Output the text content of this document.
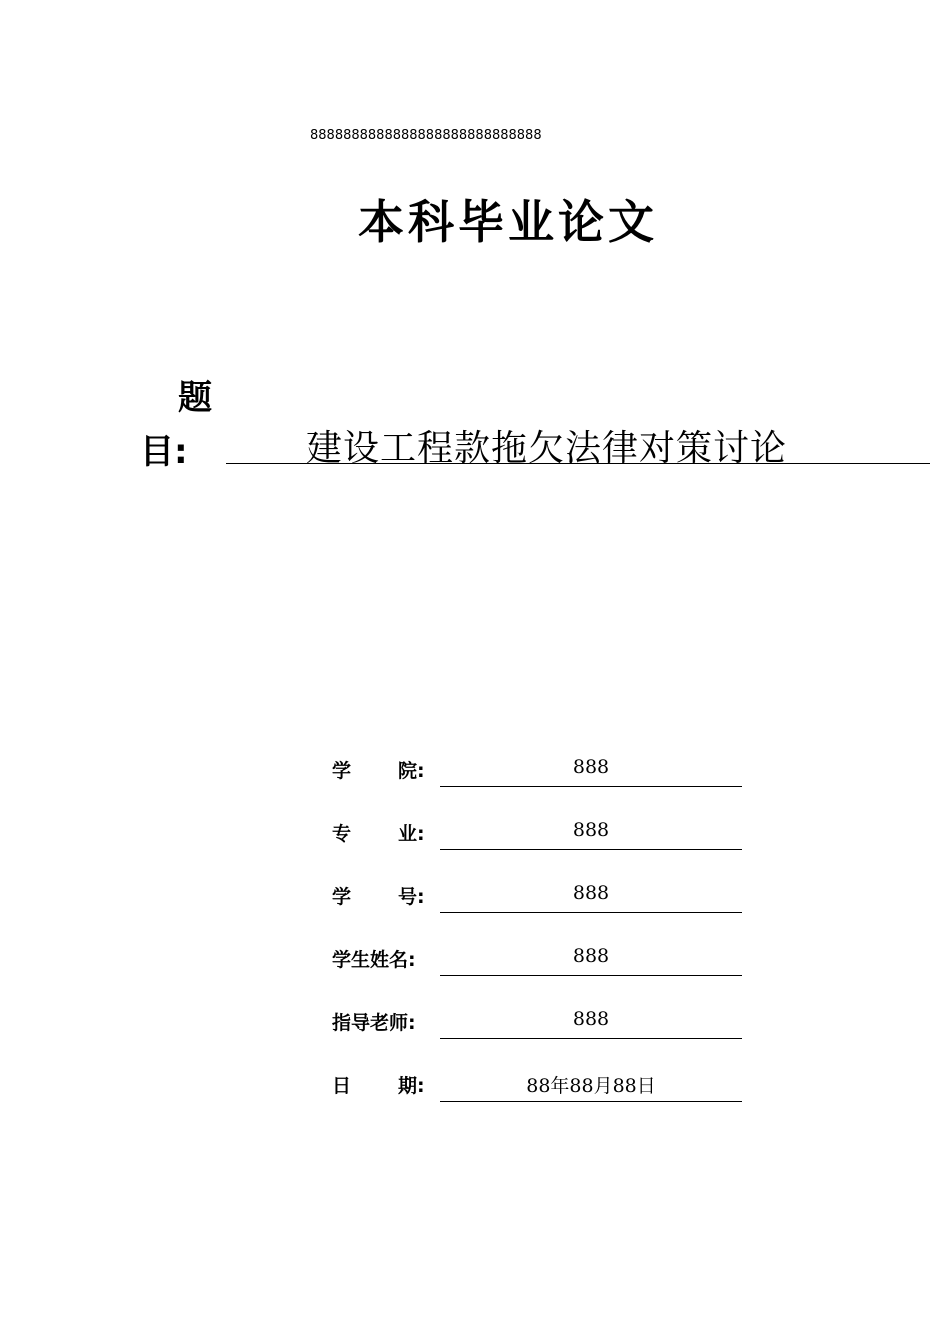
8888888888888888888888888888
本科毕业论文
题
目:	建设工程款拖欠法律对策讨论
学 院:	888
专 业:	888
学 号:	888
学生姓名:	888
指导老师:	888
日 期:	88年88月88日
